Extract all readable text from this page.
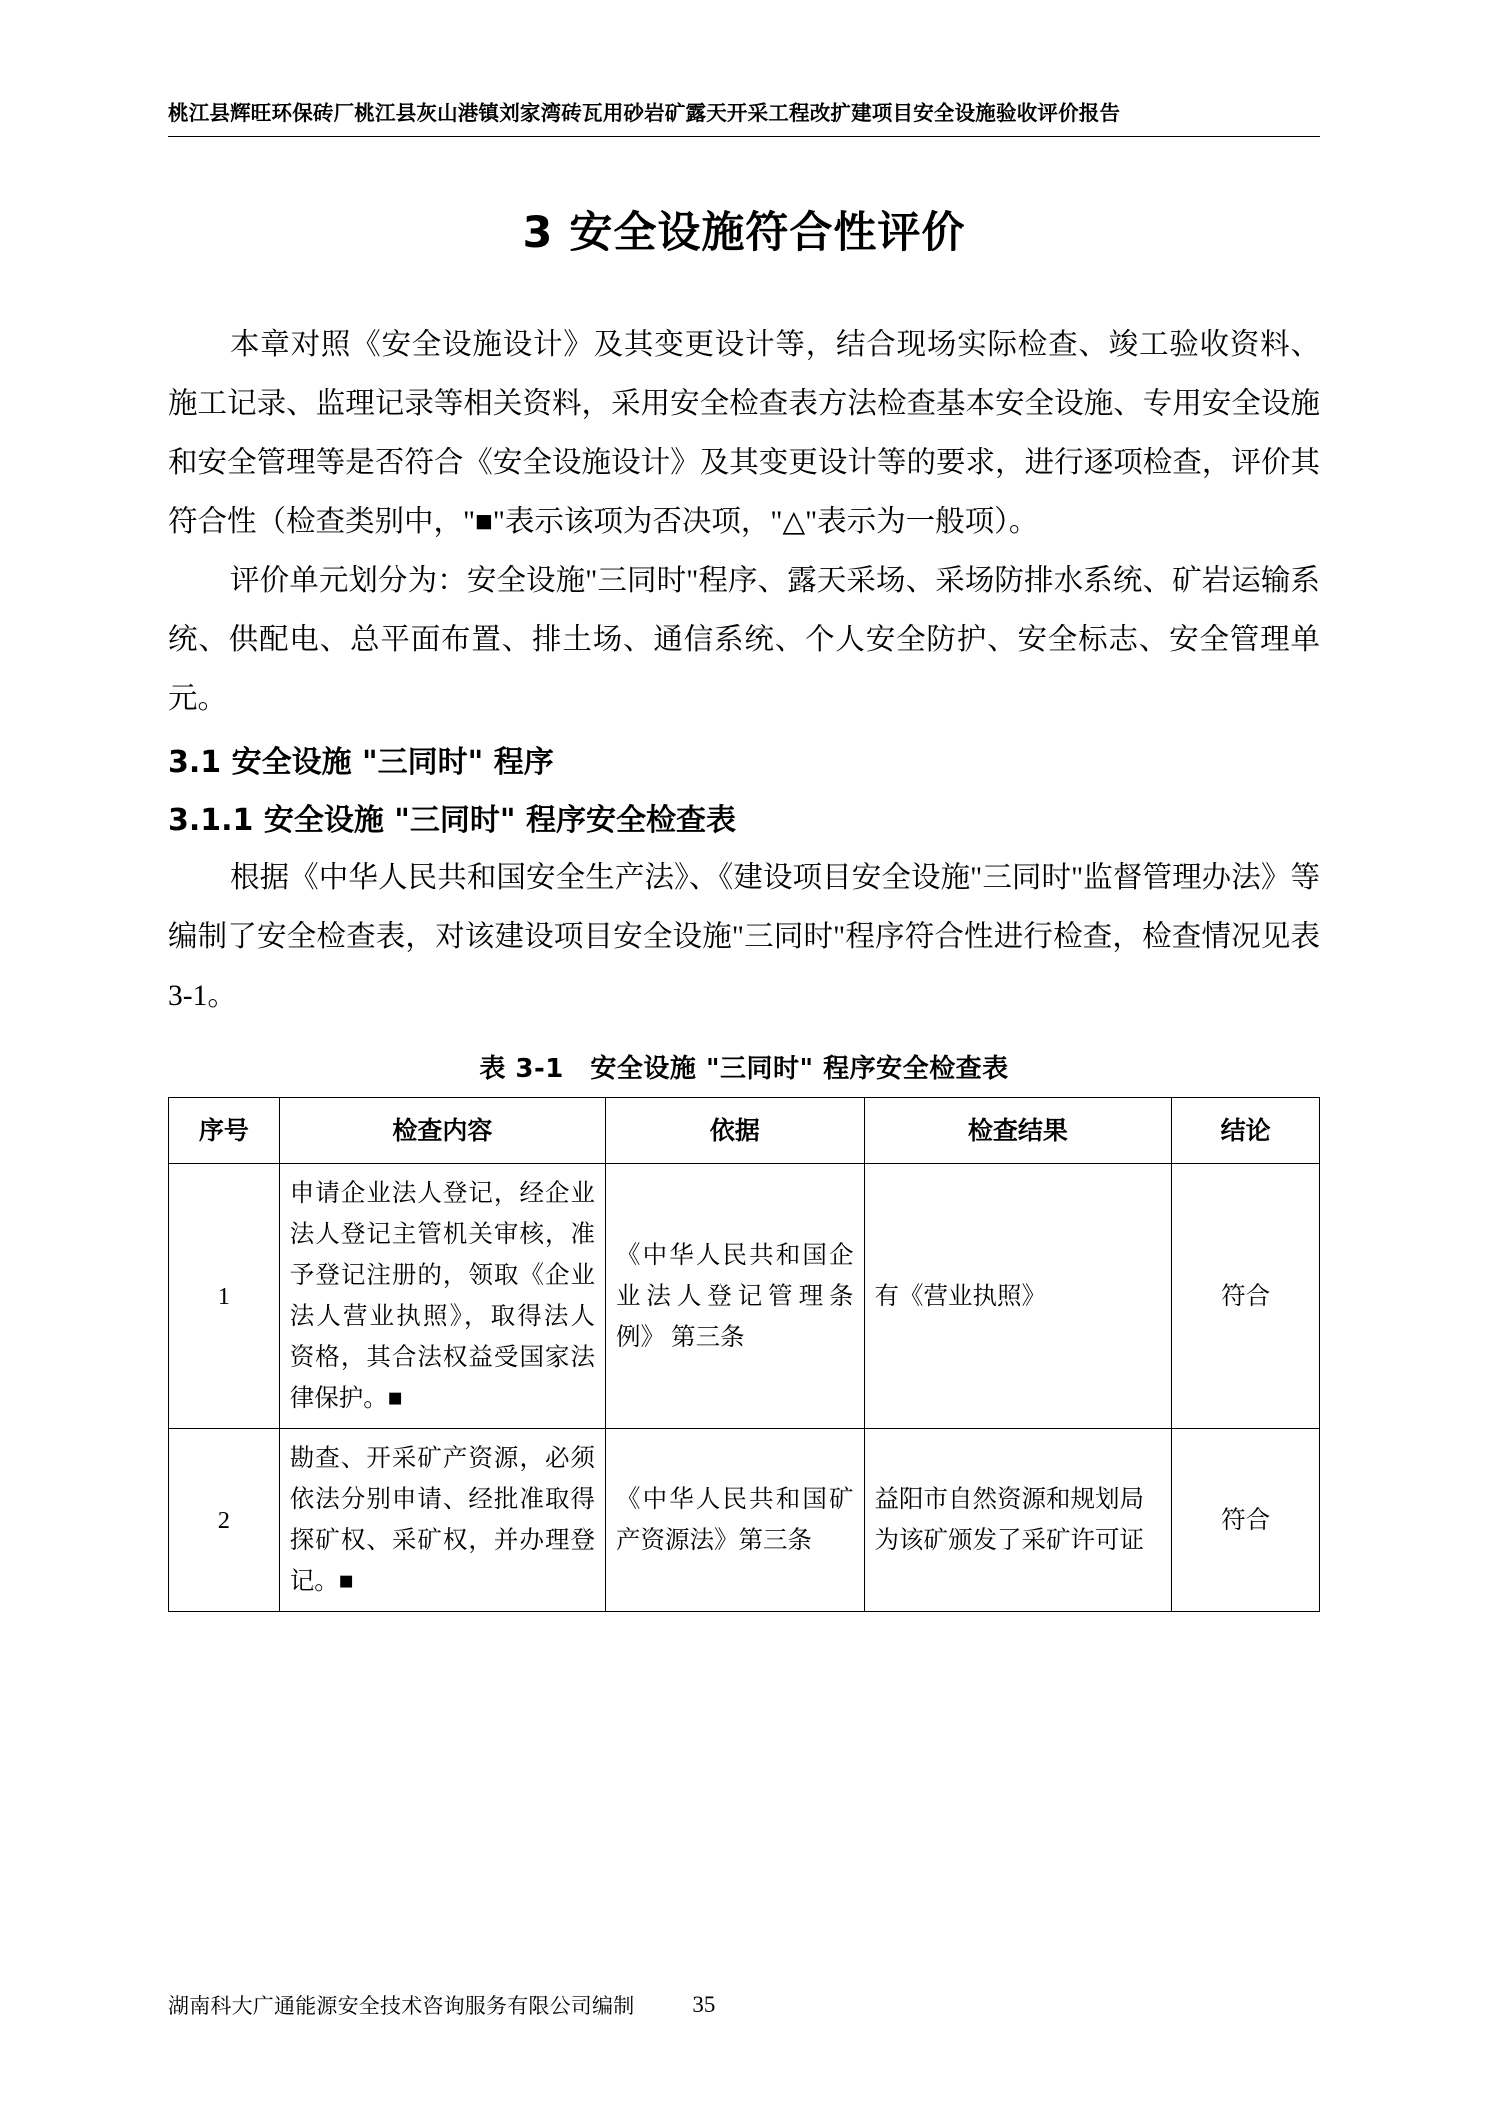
桃江县辉旺环保砖厂桃江县灰山港镇刘家湾砖瓦用砂岩矿露天开采工程改扩建项目安全设施验收评价报告
3 安全设施符合性评价

本章对照《安全设施设计》及其变更设计等，结合现场实际检查、竣工验收资料、施工记录、监理记录等相关资料，采用安全检查表方法检查基本安全设施、专用安全设施和安全管理等是否符合《安全设施设计》及其变更设计等的要求，进行逐项检查，评价其符合性（检查类别中，"■"表示该项为否决项，"△"表示为一般项）。

评价单元划分为：安全设施"三同时"程序、露天采场、采场防排水系统、矿岩运输系统、供配电、总平面布置、排土场、通信系统、个人安全防护、安全标志、安全管理单元。

3.1 安全设施 "三同时" 程序
3.1.1 安全设施 "三同时" 程序安全检查表

根据《中华人民共和国安全生产法》、《建设项目安全设施"三同时"监督管理办法》等编制了安全检查表，对该建设项目安全设施"三同时"程序符合性进行检查，检查情况见表 3-1。

表 3-1　安全设施 "三同时" 程序安全检查表
序号	检查内容	依据	检查结果	结论
1	申请企业法人登记，经企业法人登记主管机关审核，准予登记注册的，领取《企业法人营业执照》，取得法人资格，其合法权益受国家法律保护。■	《中华人民共和国企业法人登记管理条例》 第三条	有《营业执照》	符合
2	勘查、开采矿产资源，必须依法分别申请、经批准取得探矿权、采矿权，并办理登记。■	《中华人民共和国矿产资源法》第三条	益阳市自然资源和规划局为该矿颁发了采矿许可证	符合
湖南科大广通能源安全技术咨询服务有限公司编制	35
